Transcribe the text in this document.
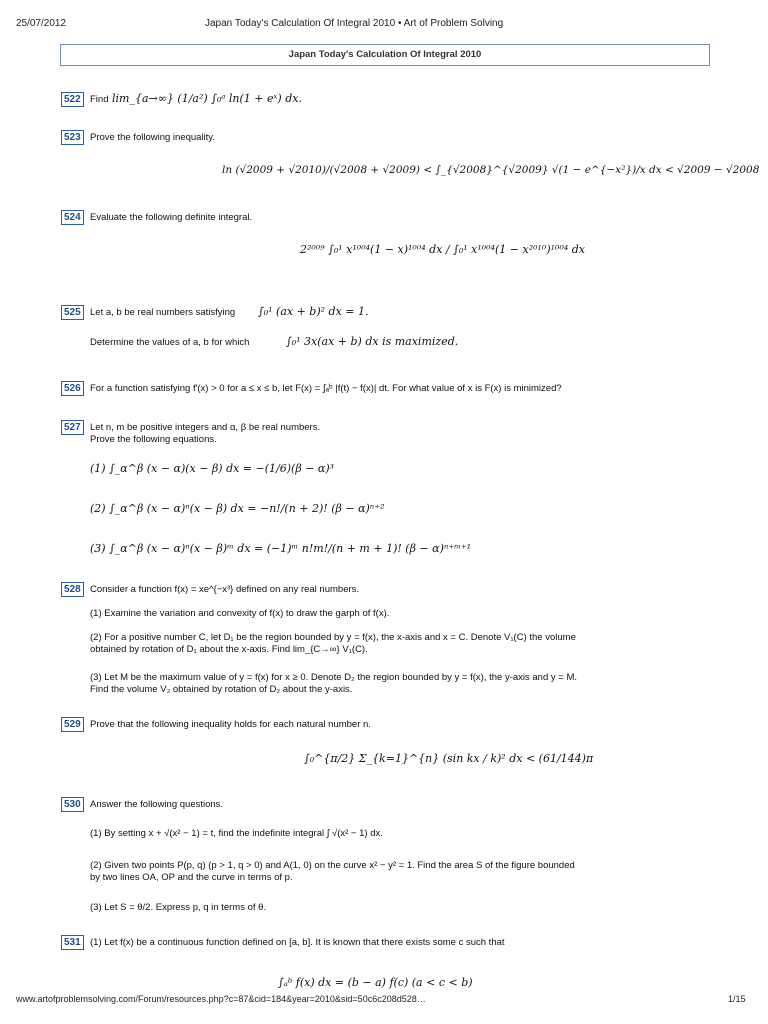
25/07/2012	Japan Today's Calculation Of Integral 2010 • Art of Problem Solving
Japan Today's Calculation Of Integral 2010
522 Find lim_{a→∞} (1/a²) ∫₀ᵃ ln(1 + eˣ) dx.
523 Prove the following inequality.
ln (√2009 + √2010)/(√2008 + √2009) < ∫_{√2008}^{√2009} √(1 − e^{−x²})/x dx < √2009 − √2008
524 Evaluate the following definite integral.
2²⁰⁰⁹ ∫₀¹ x¹⁰⁰⁴(1 − x)¹⁰⁰⁴ dx / ∫₀¹ x¹⁰⁰⁴(1 − x²⁰¹⁰)¹⁰⁰⁴ dx
525 Let a, b be real numbers satisfying ∫₀¹ (ax + b)² dx = 1.
Determine the values of a, b for which	∫₀¹ 3x(ax + b) dx is maximized.
526 For a function satisfying f′(x) > 0 for a ≤ x ≤ b, let F(x) = ∫ₐᵇ |f(t) − f(x)| dt. For what value of x is F(x) is minimized?
527 Let n, m be positive integers and α, β be real numbers.
Prove the following equations.
(1) ∫_α^β (x − α)(x − β) dx = −(1/6)(β − α)³
(2) ∫_α^β (x − α)ⁿ(x − β) dx = −n!/(n + 2)! (β − α)ⁿ⁺²
(3) ∫_α^β (x − α)ⁿ(x − β)ᵐ dx = (−1)ᵐ n!m!/(n + m + 1)! (β − α)ⁿ⁺ᵐ⁺¹
528 Consider a function f(x) = xe^{−x³} defined on any real numbers.
(1) Examine the variation and convexity of f(x) to draw the garph of f(x).
(2) For a positive number C, let D₁ be the region bounded by y = f(x), the x-axis and x = C. Denote V₁(C) the volume
obtained by rotation of D₁ about the x-axis. Find lim_{C→∞} V₁(C).
(3) Let M be the maximum value of y = f(x) for x ≥ 0. Denote D₂ the region bounded by y = f(x), the y-axis and y = M.
Find the volume V₂ obtained by rotation of D₂ about the y-axis.
529 Prove that the following inequality holds for each natural number n.
∫₀^{π/2} Σ_{k=1}^{n} (sin kx / k)² dx < (61/144)π
530 Answer the following questions.
(1) By setting x + √(x² − 1) = t, find the indefinite integral ∫ √(x² − 1) dx.
(2) Given two points P(p, q) (p > 1, q > 0) and A(1, 0) on the curve x² − y² = 1. Find the area S of the figure bounded
by two lines OA, OP and the curve in terms of p.
(3) Let S = θ/2. Express p, q in terms of θ.
531 (1) Let f(x) be a continuous function defined on [a, b]. It is known that there exists some c such that
∫ₐᵇ f(x) dx = (b − a) f(c) (a < c < b)
www.artofproblemsolving.com/Forum/resources.php?c=87&cid=184&year=2010&sid=50c6c208d528…	1/15
